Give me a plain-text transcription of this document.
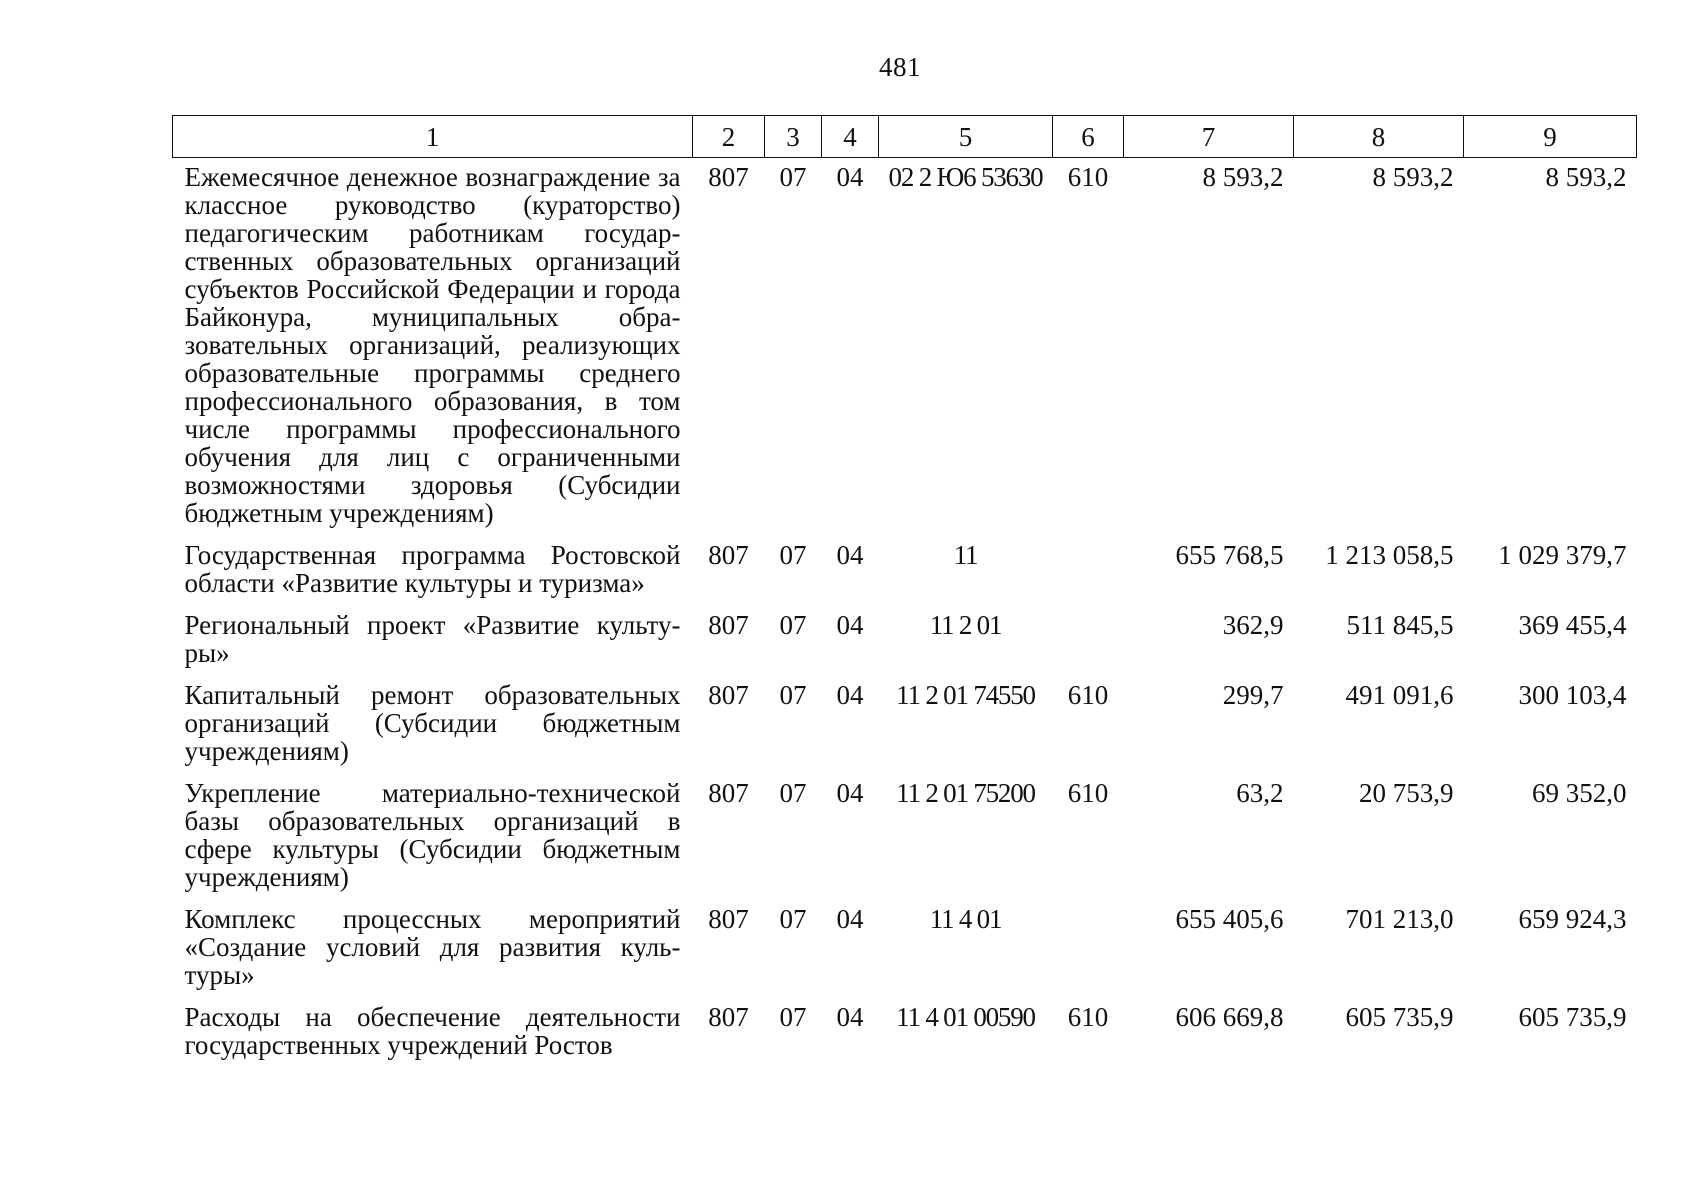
481
1	2	3	4	5	6	7	8	9
Ежемесячное денежное вознаграждение за классное руководство (кураторство) педагогическим работникам государственных образовательных организаций субъектов Российской Федерации и города Байконура, муниципальных образовательных организаций, реализующих образовательные программы среднего профессионального образования, в том числе программы профессионального обучения для лиц с ограниченными возможностями здоровья (Субсидии бюджетным учреждениям)	807	07	04	02 2 Ю6 53630	610	8 593,2	8 593,2	8 593,2
Государственная программа Ростовской области «Развитие культуры и туризма»	807	07	04	11		655 768,5	1 213 058,5	1 029 379,7
Региональный проект «Развитие культуры»	807	07	04	11 2 01		362,9	511 845,5	369 455,4
Капитальный ремонт образовательных организаций (Субсидии бюджетным учреждениям)	807	07	04	11 2 01 74550	610	299,7	491 091,6	300 103,4
Укрепление материально-технической базы образовательных организаций в сфере культуры (Субсидии бюджетным учреждениям)	807	07	04	11 2 01 75200	610	63,2	20 753,9	69 352,0
Комплекс процессных мероприятий «Создание условий для развития культуры»	807	07	04	11 4 01		655 405,6	701 213,0	659 924,3
Расходы на обеспечение деятельности государственных учреждений Ростов	807	07	04	11 4 01 00590	610	606 669,8	605 735,9	605 735,9
